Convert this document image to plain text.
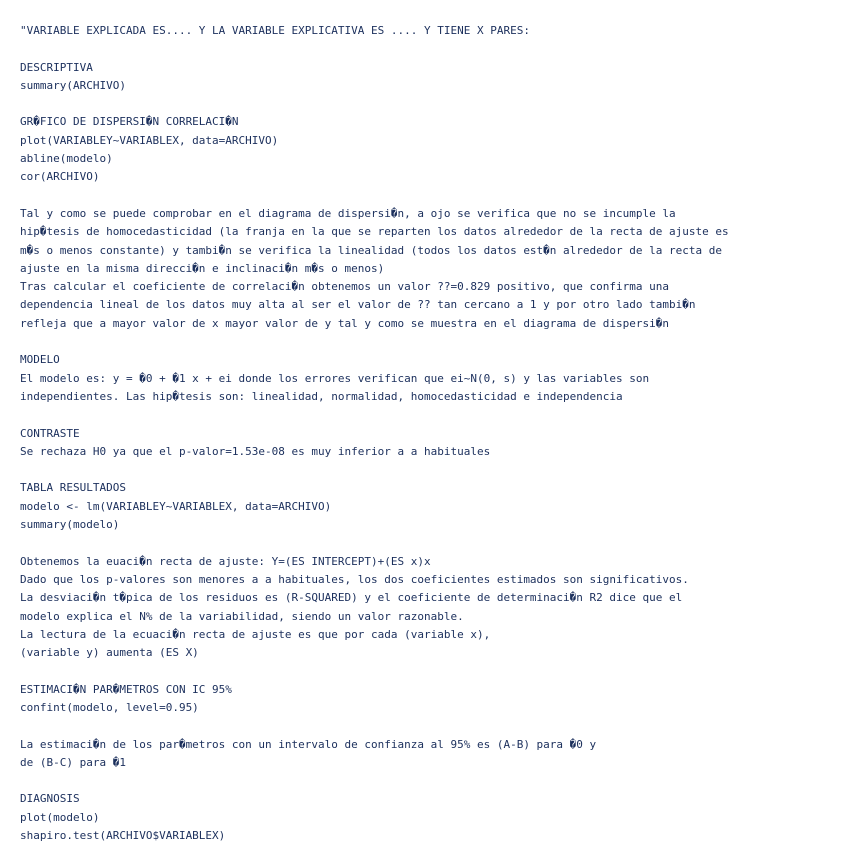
"VARIABLE EXPLICADA ES.... Y LA VARIABLE EXPLICATIVA ES .... Y TIENE X PARES:

DESCRIPTIVA
summary(ARCHIVO)

GR�FICO DE DISPERSI�N CORRELACI�N
plot(VARIABLEY~VARIABLEX, data=ARCHIVO)
abline(modelo)
cor(ARCHIVO)

Tal y como se puede comprobar en el diagrama de dispersi�n, a ojo se verifica que no se incumple la
hip�tesis de homocedasticidad (la franja en la que se reparten los datos alrededor de la recta de ajuste es
m�s o menos constante) y tambi�n se verifica la linealidad (todos los datos est�n alrededor de la recta de
ajuste en la misma direcci�n e inclinaci�n m�s o menos)
Tras calcular el coeficiente de correlaci�n obtenemos un valor ??=0.829 positivo, que confirma una
dependencia lineal de los datos muy alta al ser el valor de ?? tan cercano a 1 y por otro lado tambi�n
refleja que a mayor valor de x mayor valor de y tal y como se muestra en el diagrama de dispersi�n

MODELO
El modelo es: y = �0 + �1 x + ei donde los errores verifican que ei~N(0, s) y las variables son
independientes. Las hip�tesis son: linealidad, normalidad, homocedasticidad e independencia

CONTRASTE
Se rechaza H0 ya que el p-valor=1.53e-08 es muy inferior a a habituales

TABLA RESULTADOS
modelo <- lm(VARIABLEY~VARIABLEX, data=ARCHIVO)
summary(modelo)

Obtenemos la euaci�n recta de ajuste: Y=(ES INTERCEPT)+(ES x)x
Dado que los p-valores son menores a a habituales, los dos coeficientes estimados son significativos.
La desviaci�n t�pica de los residuos es (R-SQUARED) y el coeficiente de determinaci�n R2 dice que el
modelo explica el N% de la variabilidad, siendo un valor razonable.
La lectura de la ecuaci�n recta de ajuste es que por cada (variable x),
(variable y) aumenta (ES X)

ESTIMACI�N PAR�METROS CON IC 95%
confint(modelo, level=0.95)

La estimaci�n de los par�metros con un intervalo de confianza al 95% es (A-B) para �0 y
de (B-C) para �1

DIAGNOSIS
plot(modelo)
shapiro.test(ARCHIVO$VARIABLEX)
